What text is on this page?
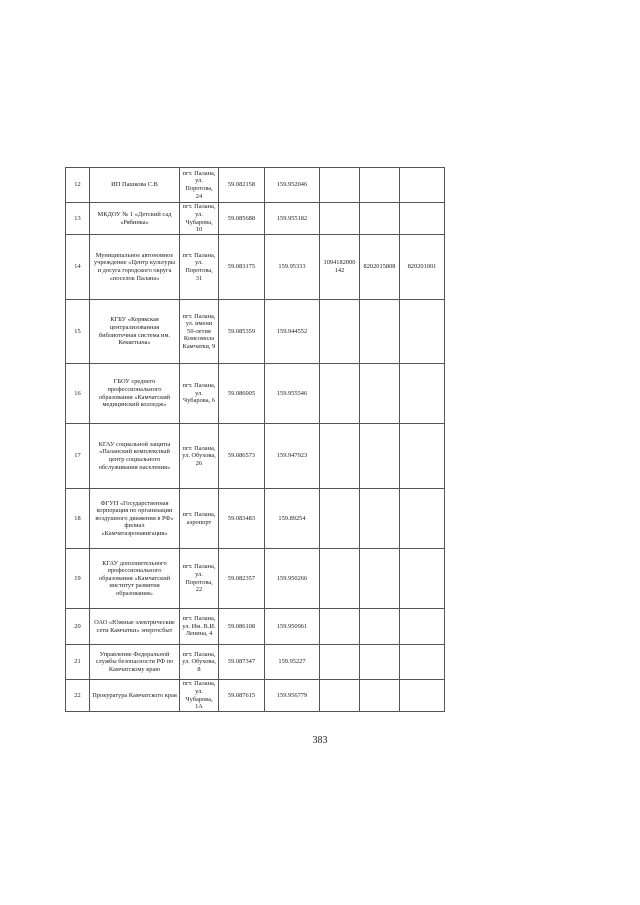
12	ИП Пашкова С.В	пгт. Палана, ул. Поротова, 24	59.082158	159.952046			
13	МКДОУ № 1 «Детский сад «Рябинка»	пгт. Палана, ул. Чубарова, 10	59.085688	159.955182			
14	Муниципальное автономное учреждение «Центр культуры и досуга городского округа «поселок Палана»	пгт. Палана, ул. Поротова, 31	59.083175	159.95333	1094182000142	8202015808	820201001
15	КГБУ «Корякская централизованная библиотечная система им. Кеккетына»	пгт. Палана, ул. имени 50-летия Комсомола Камчатки, 9	59.085359	159.944552			
16	ГБОУ среднего профессионального образования «Камчатский медицинский колледж»	пгт. Палана, ул. Чубарова, 6	59.086005	159.955546			
17	КГАУ социальной защиты «Паланский комплексный центр социального обслуживания населения»	пгт. Палана, ул. Обухова, 26	59.086573	159.947923			
18	ФГУП «Государственная корпорация по организации воздушного движения в РФ» филиал «Камчатаэронавигация»	пгт. Палана, аэропорт	59.083483	159.89254			
19	КГАУ дополнительного профессионального образования «Камчатский институт развития образования»	пгт. Палана, ул. Поротова, 22	59.082357	159.950266			
20	ОАО «Южные электрические сети Камчатки» энергосбыт	пгт. Палана, ул. Им. В.И. Ленина, 4	59.086108	159.950961			
21	Управление Федеральной службы безопасности РФ по Камчатскому краю	пгт. Палана, ул. Обухова, 8	59.087347	159.95227			
22	Прокуратура Камчатского края	пгт. Палана, ул. Чубарова, 1А	59.087615	159.956779			
383
